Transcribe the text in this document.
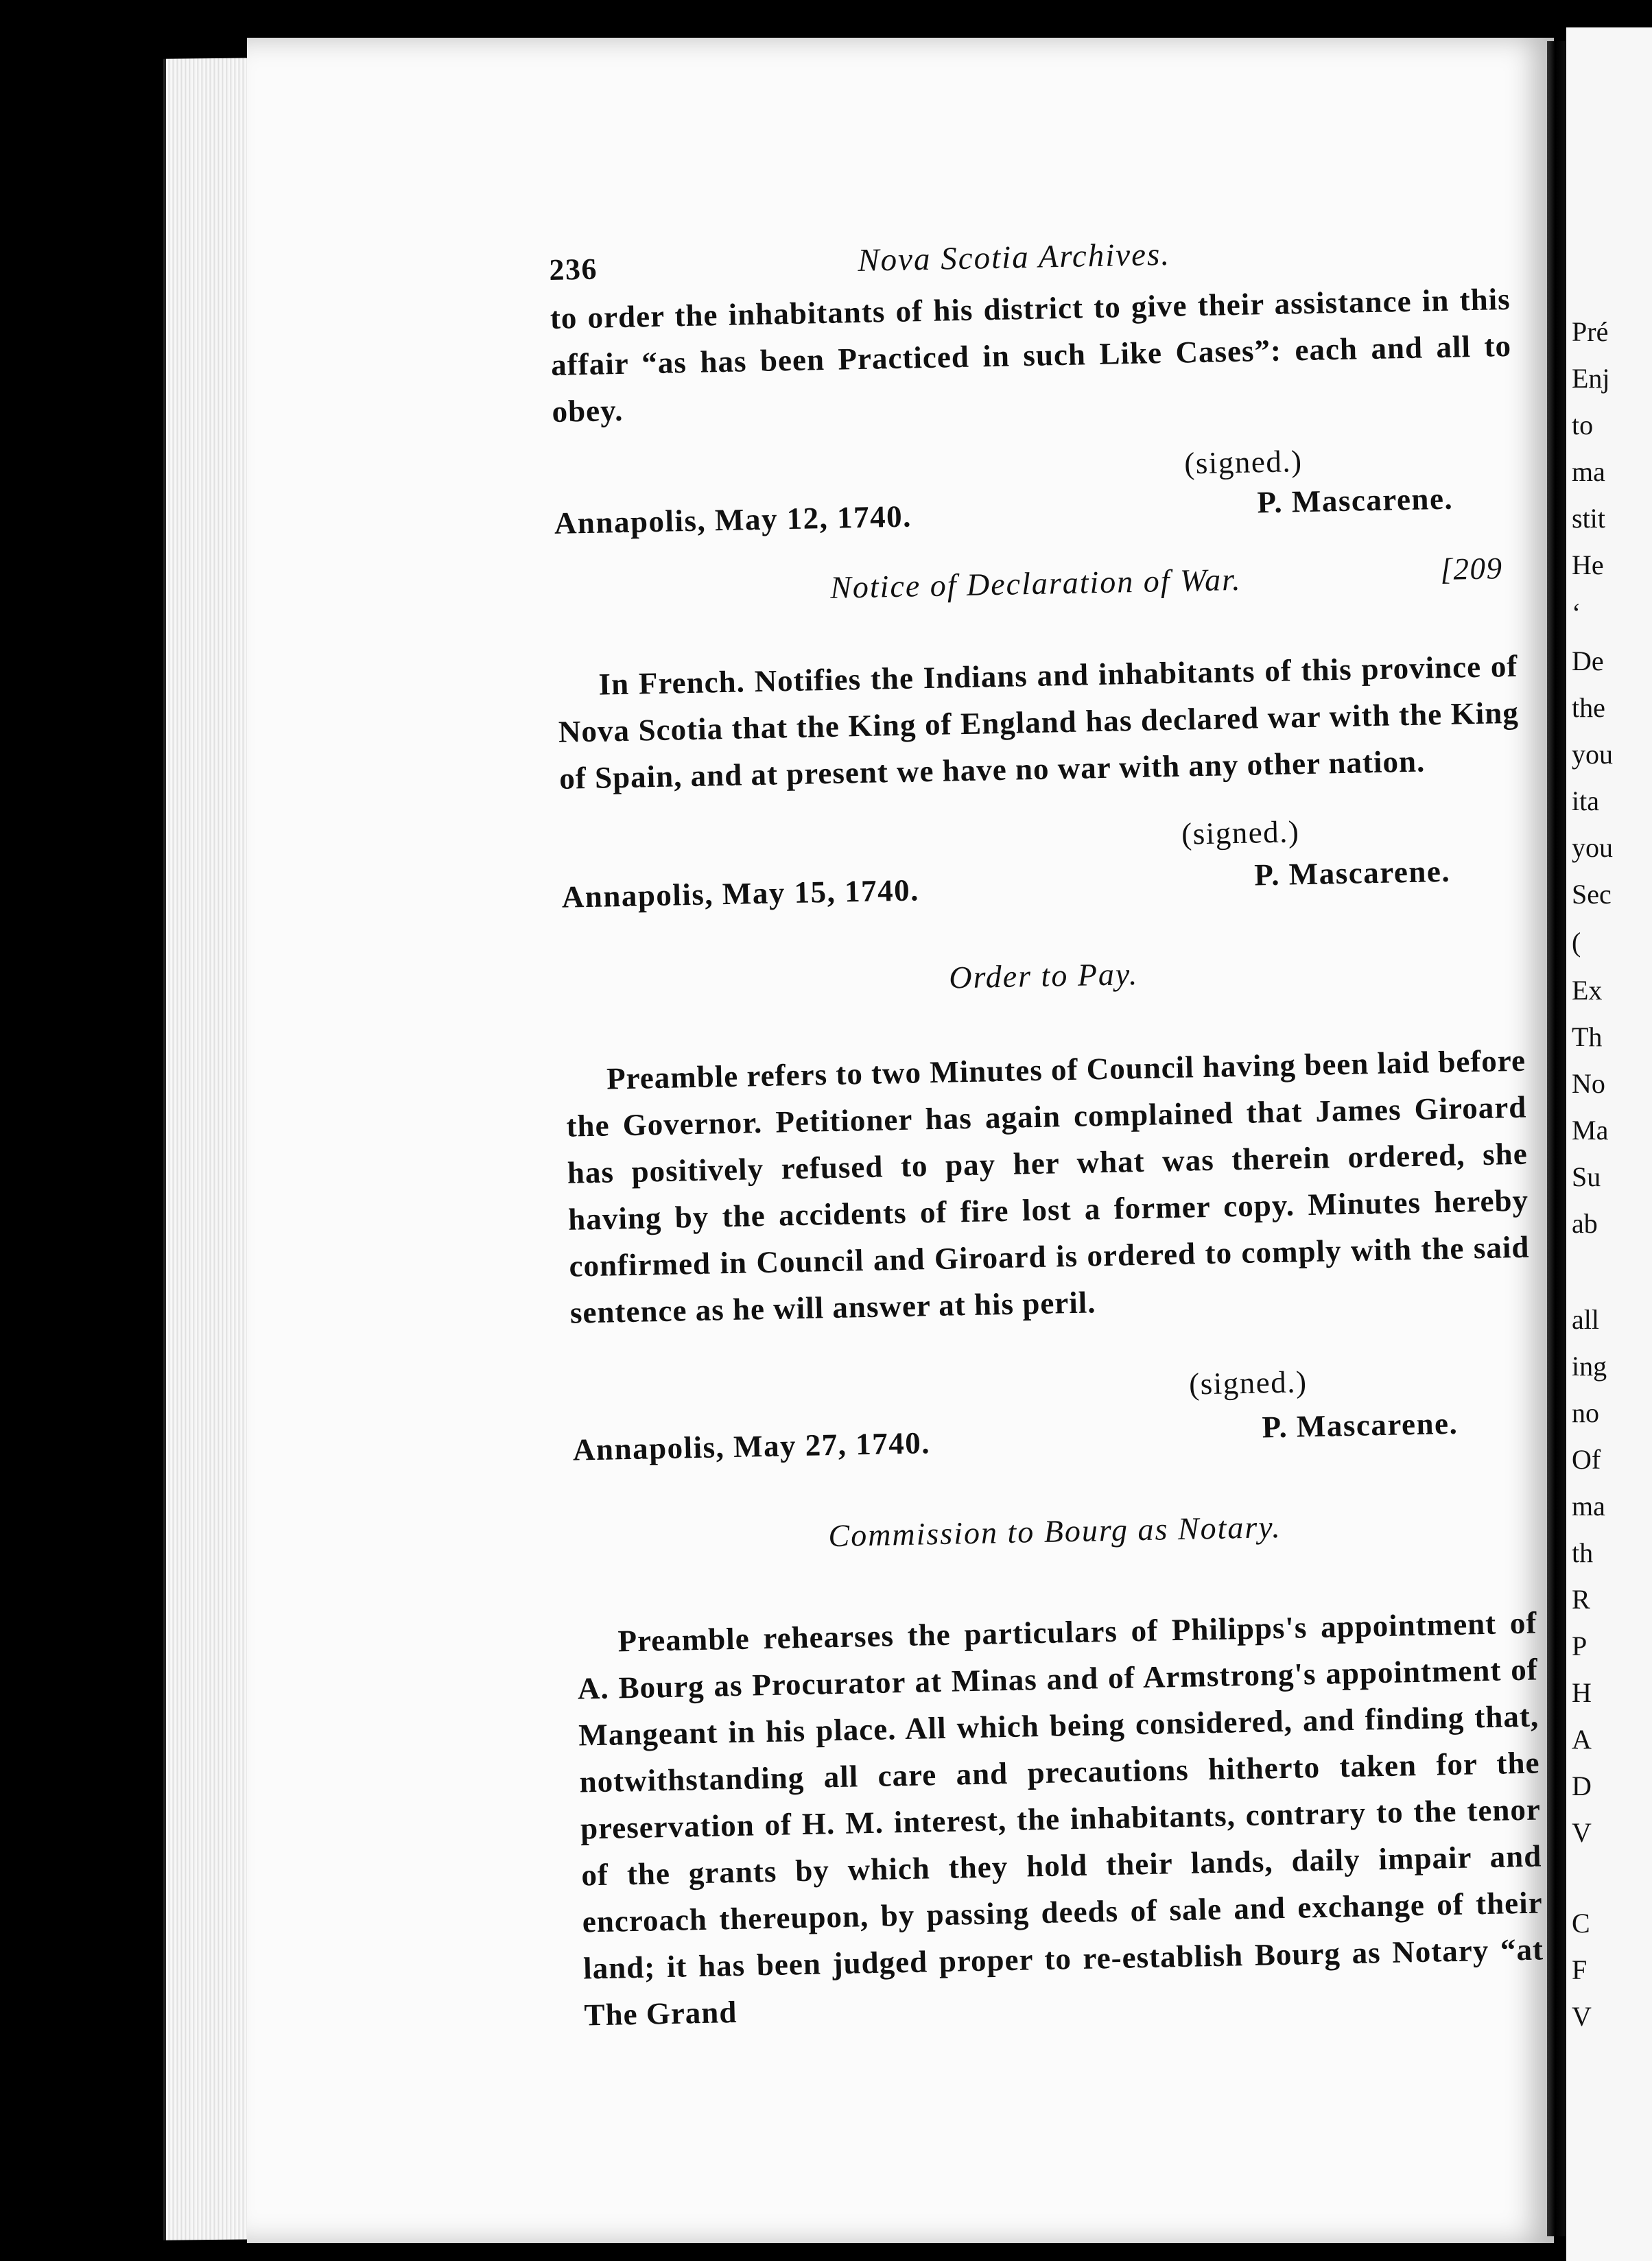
Pré
Enj
to
ma
stit
He
‘
De
the
you
ita
you
Sec
(
Ex
Th
No
Ma
Su
ab
all
ing
no
Of
ma
th
R
P
H
A
D
V
C
F
V
236	Nova Scotia Archives.
to order the inhabitants of his district to give their assistance in this affair “as has been Practiced in such Like Cases”: each and all to obey.
(signed.)
P. Mascarene.
Annapolis, May 12, 1740.
Notice of Declaration of War.	[209
In French. Notifies the Indians and inhabitants of this province of Nova Scotia that the King of England has declared war with the King of Spain, and at present we have no war with any other nation.
(signed.)
P. Mascarene.
Annapolis, May 15, 1740.
Order to Pay.
Preamble refers to two Minutes of Council having been laid before the Governor. Petitioner has again complained that James Giroard has positively refused to pay her what was therein ordered, she having by the accidents of fire lost a former copy. Minutes hereby confirmed in Council and Giroard is ordered to comply with the said sentence as he will answer at his peril.
(signed.)
P. Mascarene.
Annapolis, May 27, 1740.
Commission to Bourg as Notary.
Preamble rehearses the particulars of Philipps's appointment of A. Bourg as Procurator at Minas and of Armstrong's appointment of Mangeant in his place. All which being considered, and finding that, notwithstanding all care and precautions hitherto taken for the preservation of H. M. interest, the inhabitants, contrary to the tenor of the grants by which they hold their lands, daily impair and encroach thereupon, by passing deeds of sale and exchange of their land; it has been judged proper to re-establish Bourg as Notary “at The Grand
